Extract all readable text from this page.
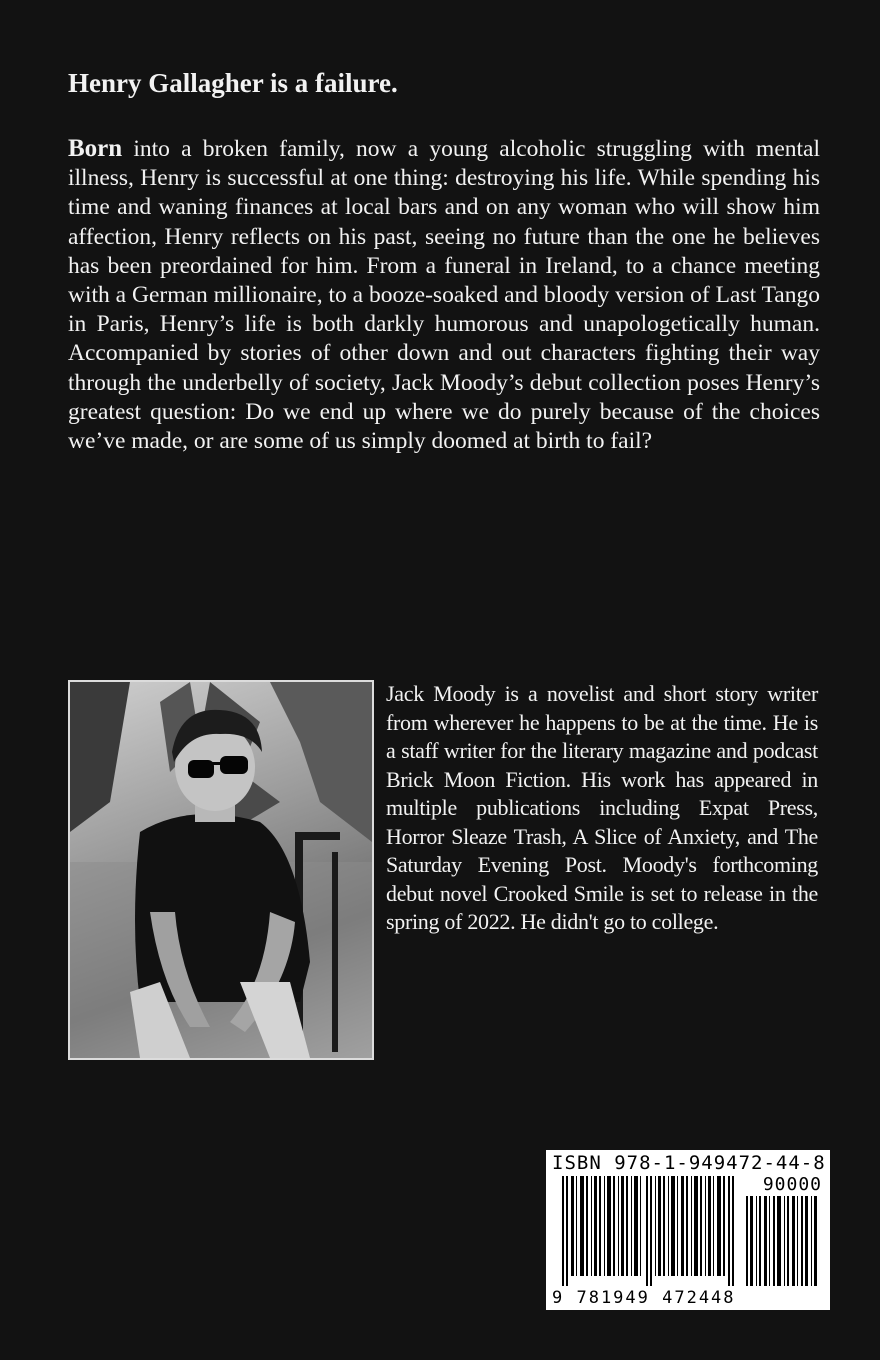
Henry Gallagher is a failure.

Born into a broken family, now a young alcoholic struggling with mental illness, Henry is successful at one thing: destroying his life. While spending his time and waning finances at local bars and on any woman who will show him affection, Henry reflects on his past, seeing no future than the one he believes has been preordained for him. From a funeral in Ireland, to a chance meeting with a German millionaire, to a booze-soaked and bloody version of Last Tango in Paris, Henry’s life is both darkly humorous and unapologetically human. Accompanied by stories of other down and out characters fighting their way through the underbelly of society, Jack Moody’s debut collection poses Henry’s greatest question: Do we end up where we do purely because of the choices we’ve made, or are some of us simply doomed at birth to fail?

Jack Moody is a novelist and short story writer from wherever he happens to be at the time. He is a staff writer for the literary magazine and podcast Brick Moon Fiction. His work has appeared in multiple publications including Expat Press, Horror Sleaze Trash, A Slice of Anxiety, and The Saturday Evening Post. Moody's forthcoming debut novel Crooked Smile is set to release in the spring of 2022. He didn't go to college.

ISBN 978-1-949472-44-8
90000
9 781949 472448
